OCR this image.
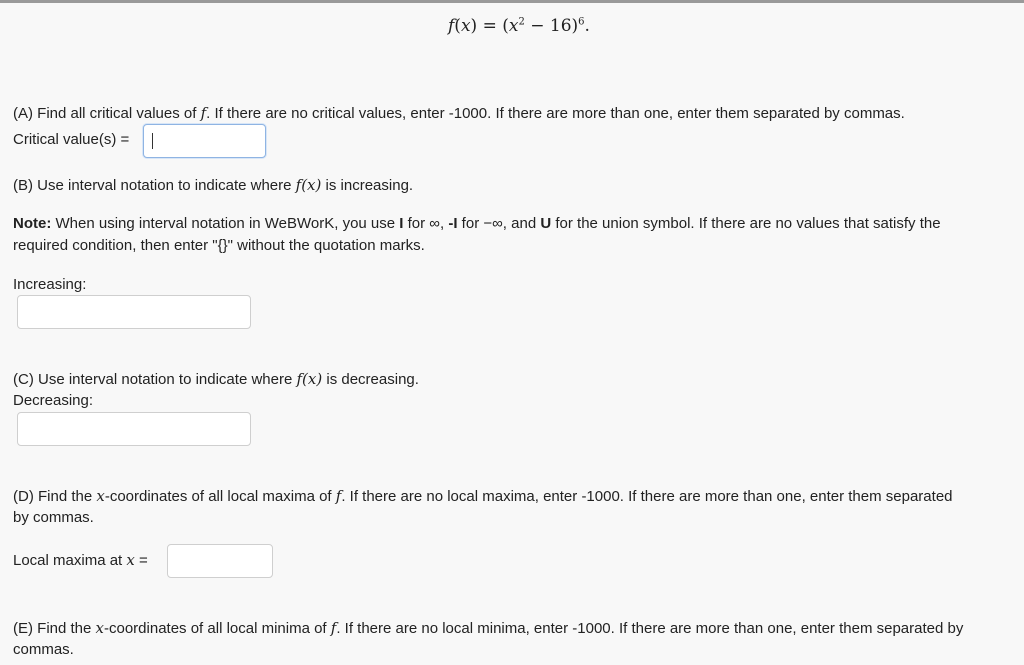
$f(x) = (x^2 - 16)^6$.
(A) Find all critical values of f. If there are no critical values, enter -1000. If there are more than one, enter them separated by commas.
Critical value(s) =
(B) Use interval notation to indicate where f(x) is increasing.
Note: When using interval notation in WeBWorK, you use I for ∞, -I for −∞, and U for the union symbol. If there are no values that satisfy the
required condition, then enter "{}" without the quotation marks.
Increasing:
(C) Use interval notation to indicate where f(x) is decreasing.
Decreasing:
(D) Find the x-coordinates of all local maxima of f. If there are no local maxima, enter -1000. If there are more than one, enter them separated
by commas.
Local maxima at x =
(E) Find the x-coordinates of all local minima of f. If there are no local minima, enter -1000. If there are more than one, enter them separated by
commas.
